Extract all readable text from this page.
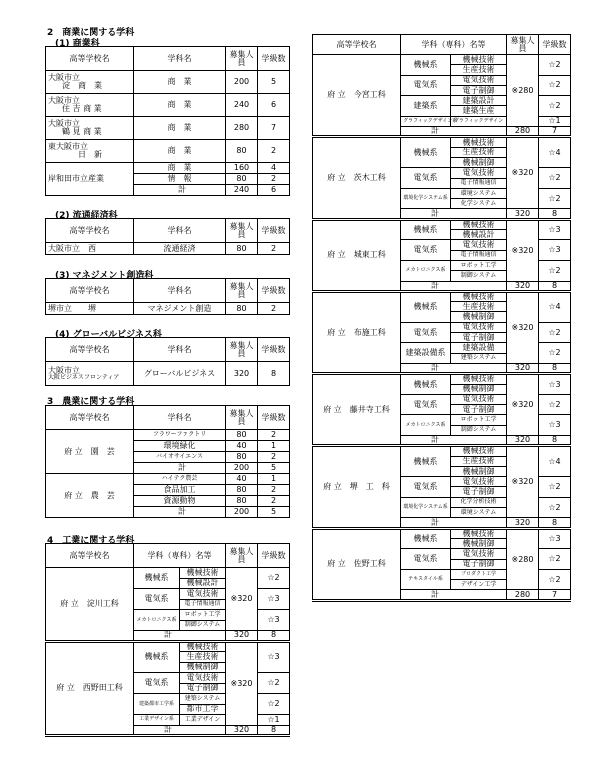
2　商業に関する学科
(1) 商業科
高等学校名	学科名	募集人員	学級数

大阪市立
淀　商　業	商　業	200	5

大阪市立
住 吉 商 業	商　業	240	6

大阪市立
鶴 見 商 業	商　業	280	7

東大阪市立
日　新	商　業	80	2
岸和田市立産業	商　業	160	4
	情　報	80	2
	計	240	6
(2) 流通経済科
高等学校名	学科名	募集人員	学級数
大阪市立　西	流通経済	80	2
(3) マネジメント創造科
高等学校名	学科名	募集人員	学級数
堺市立　　堺	マネジメント創造	80	2
(4) グローバルビジネス科
高等学校名	学科名	募集人員	学級数

大阪市立
大阪ビジネスフロンティア	グローバルビジネス	320	8
3　農業に関する学科
高等学校名	学科名	募集人員	学級数
府 立　園　芸	フラワーファクトリ	80	2
	環境緑化	40	1
	バイオサイエンス	80	2
	計	200	5
府 立　農　芸	ハイテク農芸	40	1
	食品加工	80	2
	資源動物	80	2
	計	200	5
4　工業に関する学科
高等学校名	学科（専科）名等		募集人員	学級数
府 立　淀川工科	機械系	機械技術	※320	☆2
		機械設計		
	電気系	電気技術		☆3
		電子情報通信		
	メカトロニクス系	ロボット工学		☆3
		制御システム		
	計		320	8
府 立　西野田工科	機械系	機械技術	※320	☆3
		生産技術		
		機械制御		
	電気系	電気技術		☆2
		電子制御		
	建築都市工学系	建築システム		☆2
		都市工学		
	工業デザイン系	工業デザイン		☆1
	計		320	8
高等学校名	学科（専科）名等		募集人員	学級数
府 立　今宮工科	機械系	機械技術	※280	☆2
		生産技術		
	電気系	電気技術		☆2
		電子制御		
	建築系	建築設計		☆2
		建築生産		
	グラフィックデザイン系	グラフィックデザイン		☆1
	計		280	7
府 立　茨木工科	機械系	機械技術	※320	☆4
		生産技術		
		機械制御		
	電気系	電気技術		☆2
		電子情報通信		
	環境化学システム系	環境システム		☆2
		化学システム		
	計		320	8
府 立　城東工科	機械系	機械技術	※320	☆3
		機械設計		
	電気系	電気技術		☆3
		電子情報通信		
	メカトロニクス系	ロボット工学		☆2
		制御システム		
	計		320	8
府 立　布施工科	機械系	機械技術	※320	☆4
		生産技術		
		機械制御		
	電気系	電気技術		☆2
		電子制御		
	建築設備系	建築設備		☆2
		建築システム		
	計		320	8
府 立　藤井寺工科	機械系	機械技術	※320	☆3
		機械制御		
	電気系	電気技術		☆2
		電子制御		
	メカトロニクス系	ロボット工学		☆3
		制御システム		
	計		320	8
府 立　堺　工　科	機械系	機械技術	※320	☆4
		生産技術		
		機械制御		
	電気系	電気技術		☆2
		電子制御		
	環境化学システム系	化学分析技術		☆2
		環境システム		
	計		320	8
府 立　佐野工科	機械系	機械技術	※280	☆3
		機械制御		
	電気系	電気技術		☆2
		電子制御		
	テキスタイル系	プロダクト工学		☆2
		デザイン工学		
	計		280	7
